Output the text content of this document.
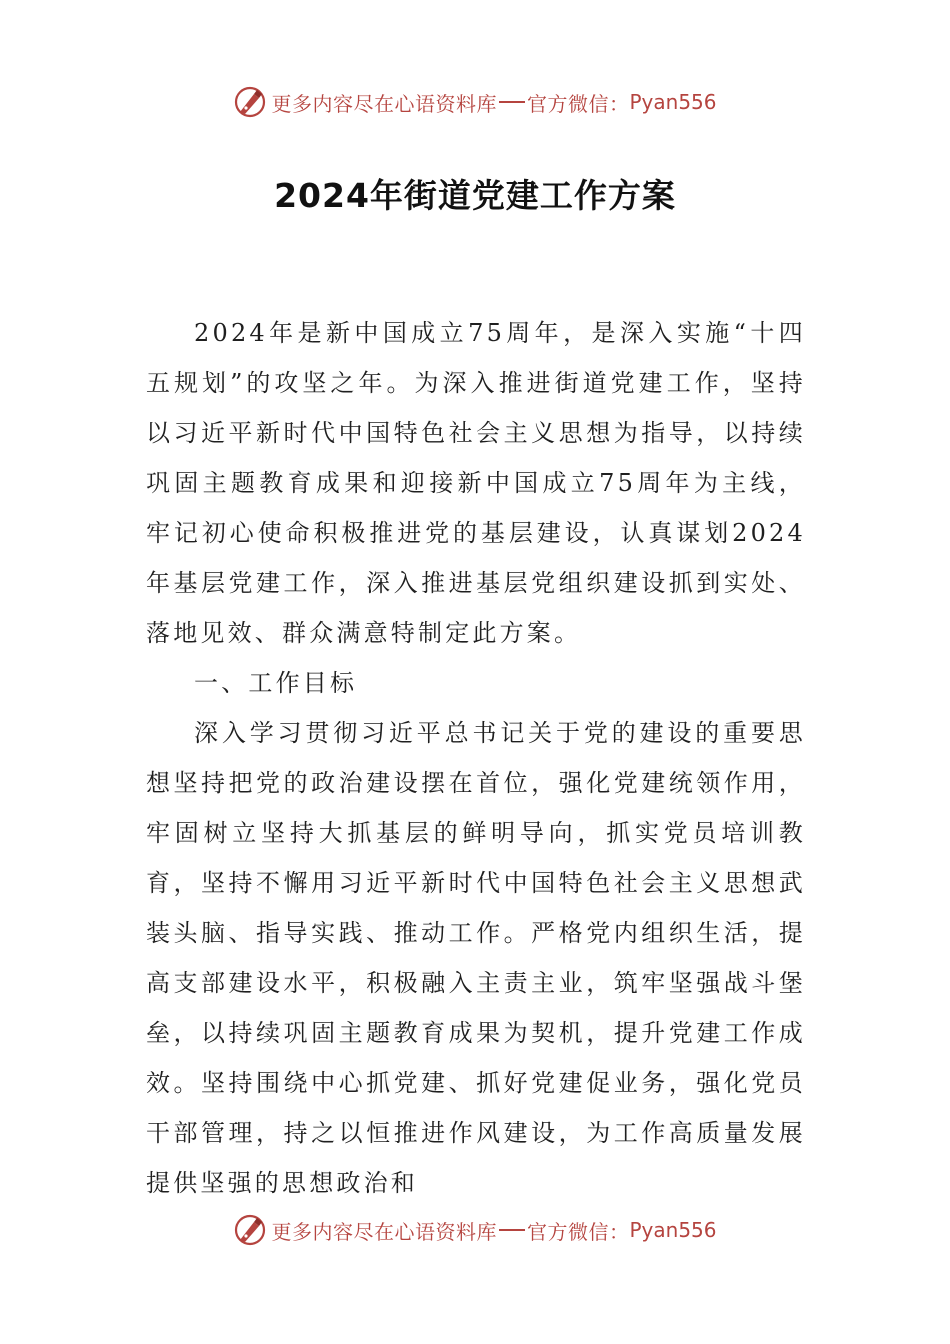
更多内容尽在心语资料库 官方微信： Pyan556
2024年街道党建工作方案

2024年是新中国成立75周年，是深入实施“十四五规划”的攻坚之年。为深入推进街道党建工作，坚持以习近平新时代中国特色社会主义思想为指导，以持续巩固主题教育成果和迎接新中国成立75周年为主线，牢记初心使命积极推进党的基层建设，认真谋划2024年基层党建工作，深入推进基层党组织建设抓到实处、落地见效、群众满意特制定此方案。

一、工作目标

深入学习贯彻习近平总书记关于党的建设的重要思想坚持把党的政治建设摆在首位，强化党建统领作用，牢固树立坚持大抓基层的鲜明导向，抓实党员培训教育，坚持不懈用习近平新时代中国特色社会主义思想武装头脑、指导实践、推动工作。严格党内组织生活，提高支部建设水平，积极融入主责主业，筑牢坚强战斗堡垒，以持续巩固主题教育成果为契机，提升党建工作成效。坚持围绕中心抓党建、抓好党建促业务，强化党员干部管理，持之以恒推进作风建设，为工作高质量发展提供坚强的思想政治和

更多内容尽在心语资料库 官方微信： Pyan556
